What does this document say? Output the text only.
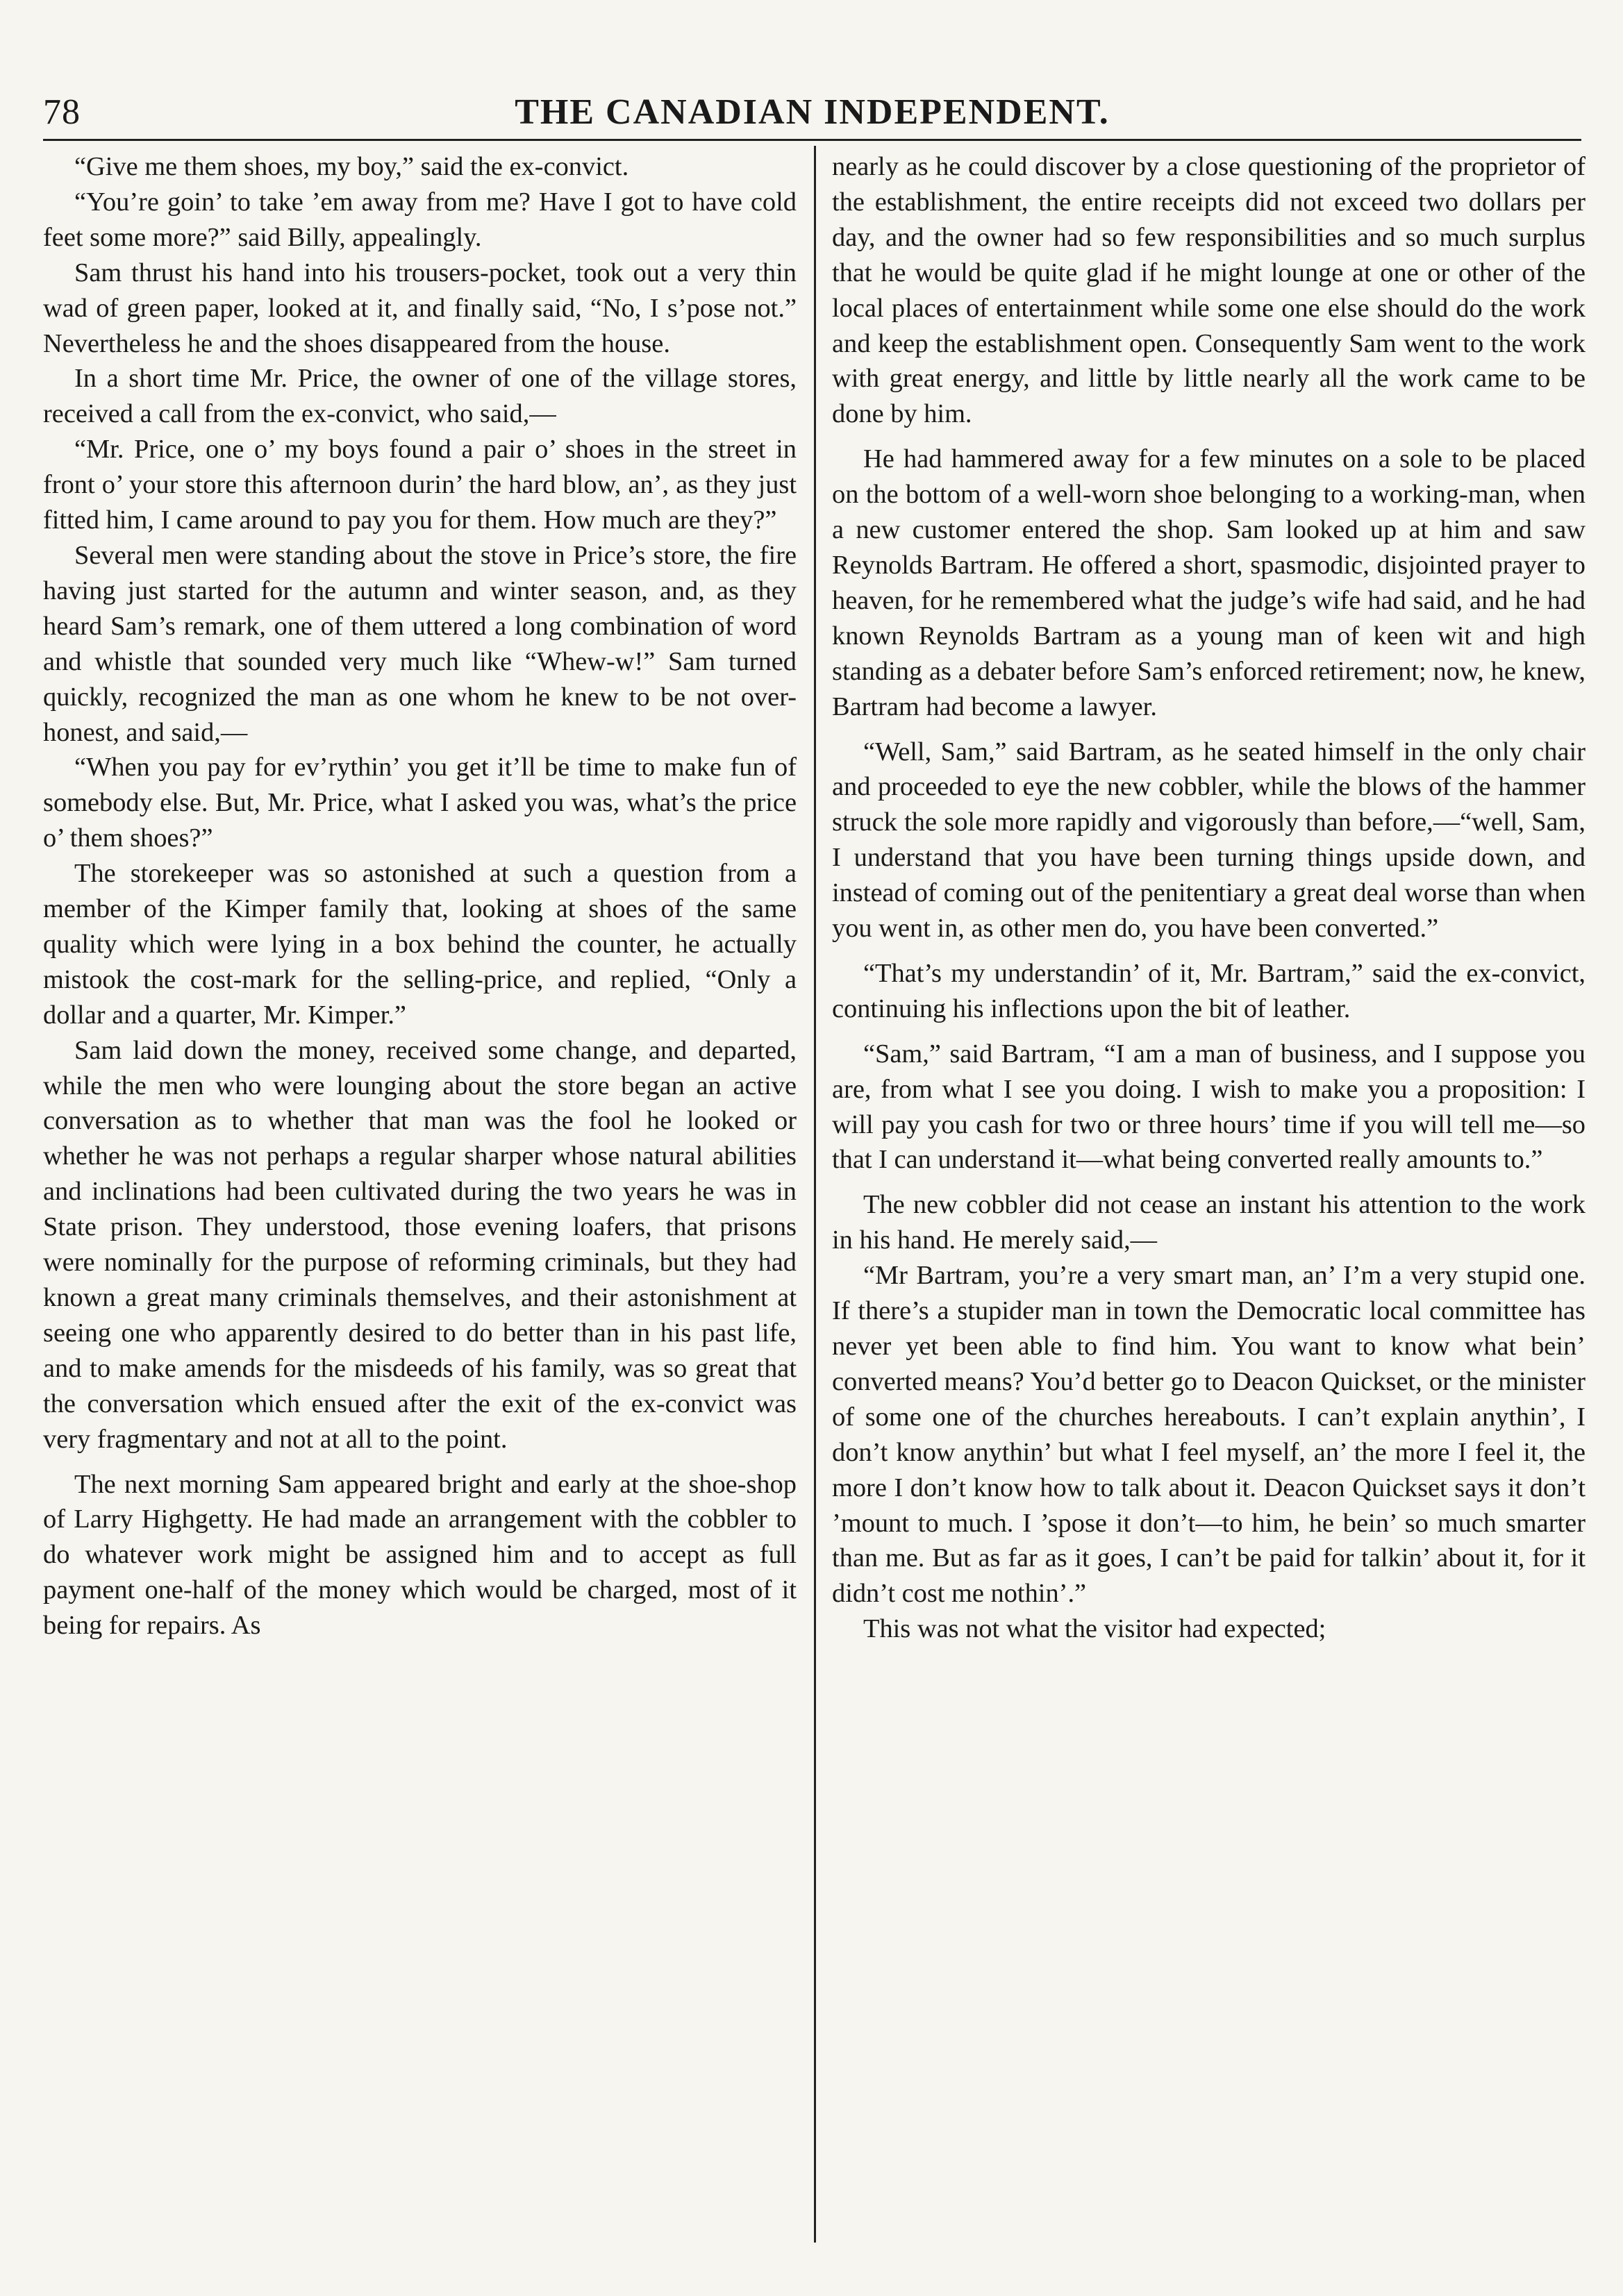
78	THE CANADIAN INDEPENDENT.

“Give me them shoes, my boy,” said the ex-convict.

“You’re goin’ to take ’em away from me? Have I got to have cold feet some more?” said Billy, appealingly.

Sam thrust his hand into his trousers-pocket, took out a very thin wad of green paper, looked at it, and finally said, “No, I s’pose not.” Nevertheless he and the shoes disappeared from the house.

In a short time Mr. Price, the owner of one of the village stores, received a call from the ex-convict, who said,—

“Mr. Price, one o’ my boys found a pair o’ shoes in the street in front o’ your store this afternoon durin’ the hard blow, an’, as they just fitted him, I came around to pay you for them. How much are they?”

Several men were standing about the stove in Price’s store, the fire having just started for the autumn and winter season, and, as they heard Sam’s remark, one of them uttered a long combination of word and whistle that sounded very much like “Whew-w!” Sam turned quickly, recognized the man as one whom he knew to be not over-honest, and said,—

“When you pay for ev’rythin’ you get it’ll be time to make fun of somebody else. But, Mr. Price, what I asked you was, what’s the price o’ them shoes?”

The storekeeper was so astonished at such a question from a member of the Kimper family that, looking at shoes of the same quality which were lying in a box behind the counter, he actually mistook the cost-mark for the selling-price, and replied, “Only a dollar and a quarter, Mr. Kimper.”

Sam laid down the money, received some change, and departed, while the men who were lounging about the store began an active conversation as to whether that man was the fool he looked or whether he was not perhaps a regular sharper whose natural abilities and inclinations had been cultivated during the two years he was in State prison. They understood, those evening loafers, that prisons were nominally for the purpose of reforming criminals, but they had known a great many criminals themselves, and their astonishment at seeing one who apparently desired to do better than in his past life, and to make amends for the misdeeds of his family, was so great that the conversation which ensued after the exit of the ex-convict was very fragmentary and not at all to the point.

The next morning Sam appeared bright and early at the shoe-shop of Larry Highgetty. He had made an arrangement with the cobbler to do whatever work might be assigned him and to accept as full payment one-half of the money which would be charged, most of it being for repairs. As

nearly as he could discover by a close questioning of the proprietor of the establishment, the entire receipts did not exceed two dollars per day, and the owner had so few responsibilities and so much surplus that he would be quite glad if he might lounge at one or other of the local places of entertainment while some one else should do the work and keep the establishment open. Consequently Sam went to the work with great energy, and little by little nearly all the work came to be done by him.

He had hammered away for a few minutes on a sole to be placed on the bottom of a well-worn shoe belonging to a working-man, when a new customer entered the shop. Sam looked up at him and saw Reynolds Bartram. He offered a short, spasmodic, disjointed prayer to heaven, for he remembered what the judge’s wife had said, and he had known Reynolds Bartram as a young man of keen wit and high standing as a debater before Sam’s enforced retirement; now, he knew, Bartram had become a lawyer.

“Well, Sam,” said Bartram, as he seated himself in the only chair and proceeded to eye the new cobbler, while the blows of the hammer struck the sole more rapidly and vigorously than before,—“well, Sam, I understand that you have been turning things upside down, and instead of coming out of the penitentiary a great deal worse than when you went in, as other men do, you have been converted.”

“That’s my understandin’ of it, Mr. Bartram,” said the ex-convict, continuing his inflections upon the bit of leather.

“Sam,” said Bartram, “I am a man of business, and I suppose you are, from what I see you doing. I wish to make you a proposition: I will pay you cash for two or three hours’ time if you will tell me—so that I can understand it—what being converted really amounts to.”

The new cobbler did not cease an instant his attention to the work in his hand. He merely said,—

“Mr Bartram, you’re a very smart man, an’ I’m a very stupid one. If there’s a stupider man in town the Democratic local committee has never yet been able to find him. You want to know what bein’ converted means? You’d better go to Deacon Quickset, or the minister of some one of the churches hereabouts. I can’t explain anythin’, I don’t know anythin’ but what I feel myself, an’ the more I feel it, the more I don’t know how to talk about it. Deacon Quickset says it don’t ’mount to much. I ’spose it don’t—to him, he bein’ so much smarter than me. But as far as it goes, I can’t be paid for talkin’ about it, for it didn’t cost me nothin’.”

This was not what the visitor had expected;
